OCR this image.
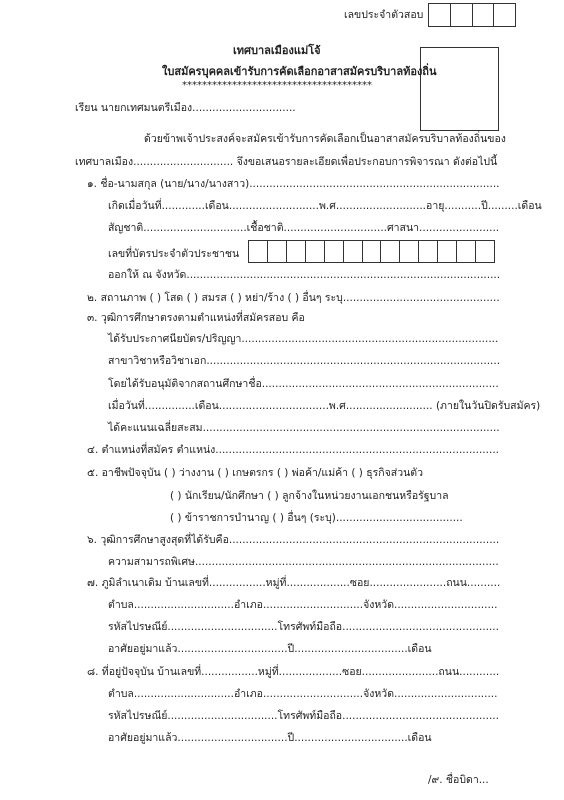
เลขประจำตัวสอบ
เทศบาลเมืองแม่โจ้
ใบสมัครบุคคลเข้ารับการคัดเลือกอาสาสมัครบริบาลท้องถิ่น
**************************************
เรียน นายกเทศมนตรีเมือง...............................
ด้วยข้าพเจ้าประสงค์จะสมัครเข้ารับการคัดเลือกเป็นอาสาสมัครบริบาลท้องถิ่นของ
เทศบาลเมือง.............................. จึงขอเสนอรายละเอียดเพื่อประกอบการพิจารณา ดังต่อไปนี้
๑. ชื่อ-นามสกุล (นาย/นาง/นางสาว)...........................................................................
เกิดเมื่อวันที่.............เดือน...........................พ.ศ...........................อายุ...........ปี.........เดือน
สัญชาติ...............................เชื้อชาติ...............................ศาสนา........................
เลขที่บัตรประจำตัวประชาชน
ออกให้ ณ จังหวัด..............................................................................................
๒. สถานภาพ ( ) โสด ( ) สมรส ( ) หย่า/ร้าง ( ) อื่นๆ ระบุ...............................................
๓. วุฒิการศึกษาตรงตามตำแหน่งที่สมัครสอบ คือ
ได้รับประกาศนียบัตร/ปริญญา.............................................................................
สาขาวิชาหรือวิชาเอก........................................................................................
โดยได้รับอนุมัติจากสถานศึกษาชื่อ.......................................................................
เมื่อวันที่...............เดือน.................................พ.ศ.......................... (ภายในวันปิดรับสมัคร)
ได้คะแนนเฉลี่ยสะสม.........................................................................................
๔. ตำแหน่งที่สมัคร ตำแหน่ง.....................................................................................
๕. อาชีพปัจจุบัน ( ) ว่างงาน ( ) เกษตรกร ( ) พ่อค้า/แม่ค้า ( ) ธุรกิจส่วนตัว
( ) นักเรียน/นักศึกษา ( ) ลูกจ้างในหน่วยงานเอกชนหรือรัฐบาล
( ) ข้าราชการบำนาญ ( ) อื่นๆ (ระบุ)......................................
๖. วุฒิการศึกษาสูงสุดที่ได้รับคือ.................................................................................
ความสามารถพิเศษ...........................................................................................
๗. ภูมิลำเนาเดิม บ้านเลขที่.................หมู่ที่...................ซอย.......................ถนน..........
ตำบล..............................อำเภอ..............................จังหวัด...............................
รหัสไปรษณีย์.................................โทรศัพท์มือถือ...............................................
อาศัยอยู่มาแล้ว.................................ปี..................................เดือน
๘. ที่อยู่ปัจจุบัน บ้านเลขที่.................หมู่ที่...................ซอย.......................ถนน............
ตำบล..............................อำเภอ..............................จังหวัด...............................
รหัสไปรษณีย์.................................โทรศัพท์มือถือ...............................................
อาศัยอยู่มาแล้ว.................................ปี..................................เดือน
/๙. ชื่อบิดา...
